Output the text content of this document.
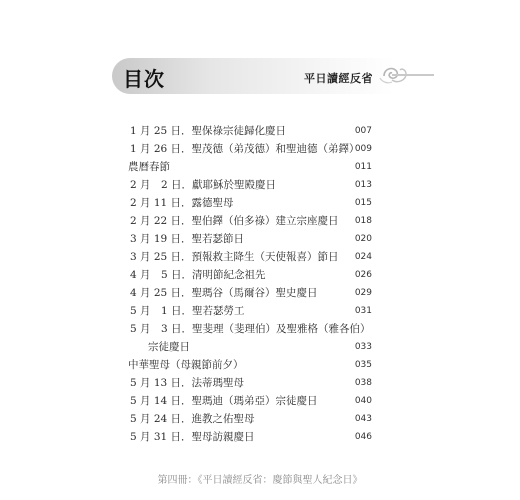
目次	平日讀經反省
1 月 25 日．聖保祿宗徒歸化慶日	007
1 月 26 日．聖茂德（弟茂德）和聖迪德（弟鐸）
009
農曆春節	011
2 月　2 日．獻耶穌於聖殿慶日	013
2 月 11 日．露德聖母	015
2 月 22 日．聖伯鐸（伯多祿）建立宗座慶日 018
3 月 19 日．聖若瑟節日	020
3 月 25 日．預報救主降生（天使報喜）節日 024
4 月　5 日．清明節紀念祖先	026
4 月 25 日．聖瑪谷（馬爾谷）聖史慶日	029
5 月　1 日．聖若瑟勞工	031
5 月　3 日．聖斐理（斐理伯）及聖雅格（雅各伯）
宗徒慶日	033
中華聖母（母親節前夕）	035
5 月 13 日．法蒂瑪聖母	038
5 月 14 日．聖瑪迪（瑪弟亞）宗徒慶日	040
5 月 24 日．進教之佑聖母	043
5 月 31 日．聖母訪親慶日	046
第四冊：《平日讀經反省：慶節與聖人紀念日》
